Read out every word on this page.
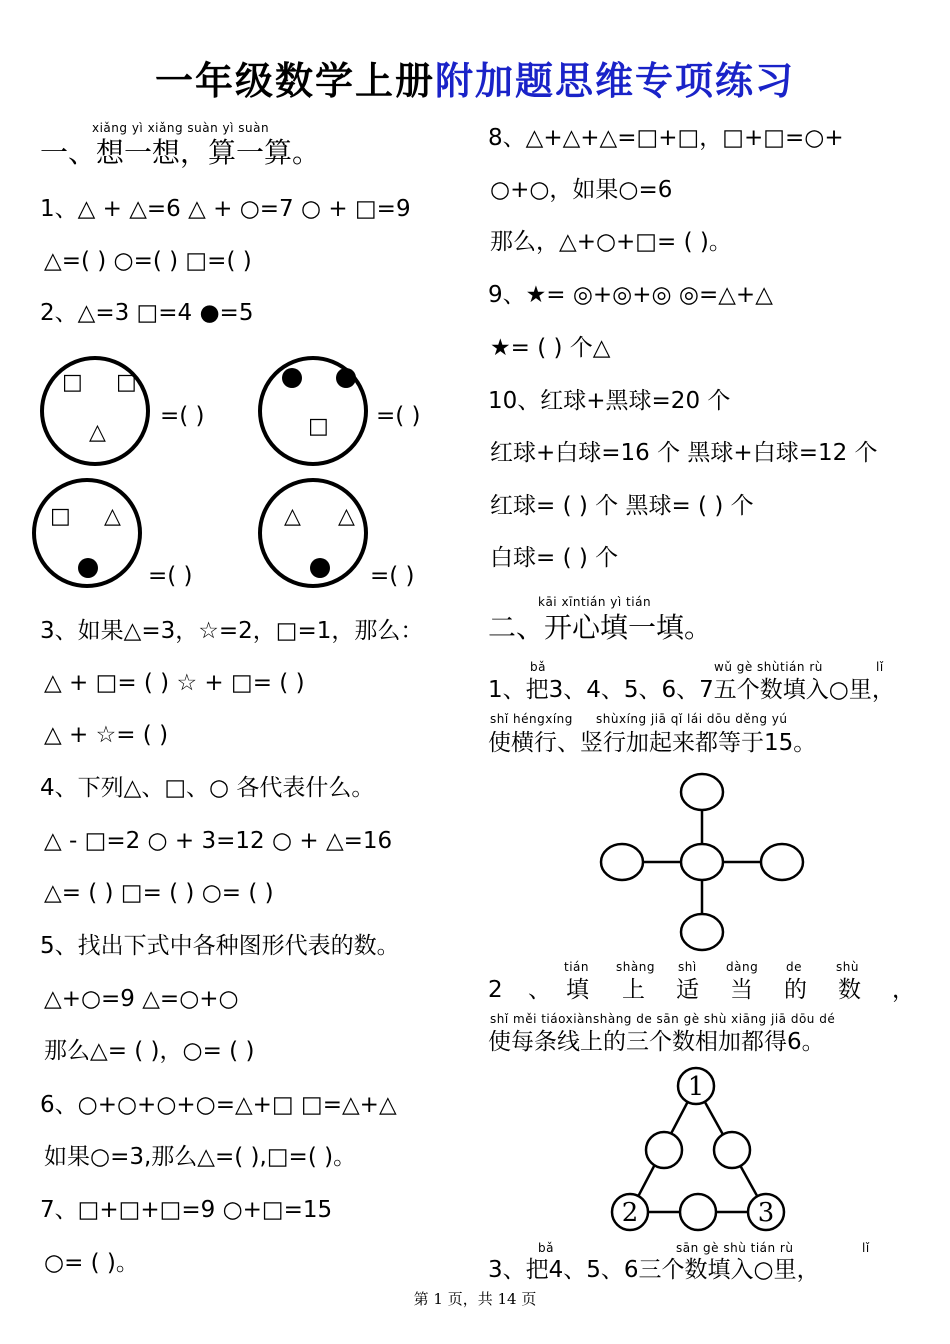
一年级数学上册附加题思维专项练习
xiǎng yì xiǎng suàn yì suàn
一、想一想，算一算。
1、△ + △=6 △ + ○=7 ○ + □=9
△=( ) ○=( ) □=( )
2、△=3 □=4 ●=5
□ □
△
=( )	□ =( )
□ △
=( )
△ △
=( )
3、如果△=3，☆=2，□=1，那么：
△ + □= ( ) ☆ + □= ( )
△ + ☆= ( )
4、下列△、□、○ 各代表什么。
△ - □=2 ○ + 3=12 ○ + △=16
△= ( ) □= ( ) ○= ( )
5、找出下式中各种图形代表的数。
△+○=9 △=○+○
那么△= ( )，○= ( )
6、○+○+○+○=△+□ □=△+△
如果○=3,那么△=( ),□=( )。
7、□+□+□=9 ○+□=15
○= ( )。
8、△+△+△=□+□，□+□=○+
○+○，如果○=6
那么，△+○+□= ( )。
9、★= ◎+◎+◎ ◎=△+△
★= ( ) 个△
10、红球+黑球=20 个
红球+白球=16 个 黑球+白球=12 个
红球= ( ) 个 黑球= ( ) 个
白球= ( ) 个
kāi xīntián yì tián
二、开心填一填。
bǎ	wǔ gè shùtián rù	lǐ
1、把3、4、5、6、7五个数填入○里，
shǐ héngxíng shùxíng jiā qǐ lái dōu děng yú
使横行、竖行加起来都等于15。
tián shàng shì dàng de	shù
2 、 填 上 适 当 的 数 ，
shǐ měi tiáoxiànshàng de sān gè shù xiāng jiā dōu dé
使每条线上的三个数相加都得6。
1
2	3
bǎ	sān gè shù tián rù	lǐ
3、把4、5、6三个数填入○里，
第 1 页，共 14 页
